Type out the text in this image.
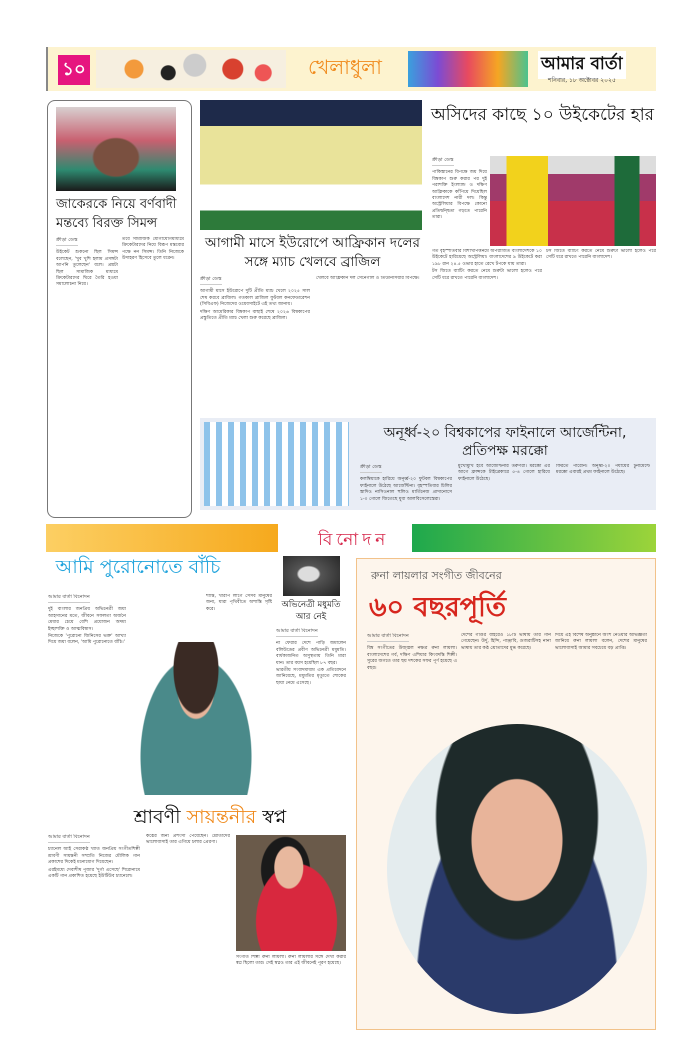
১০	খেলাধুলা	আমার বার্তা
শনিবার, ১৮ অক্টোবর ২০২৫
জাকেরকে নিয়ে বর্ণবাদী মন্তব্যে বিরক্ত সিমন্স
ক্রীড়া ডেস্ক

উইকেট শুকনো ছিল সিমন্স বলেছেন, 'খুব খুশি হলাম প্রসঙ্গটা আপনি তুলেছেন' বলে। প্রশ্নটা ছিল সামাজিক মাধ্যমে ক্রিকেটারদের ঘিরে তৈরি হওয়া সমালোচনা নিয়ে।

তবে সামাজিক যোগাযোগমাধ্যমে ক্রিকেটারদের নিয়ে বিরূপ মন্তব্যের পক্ষে নন সিমন্স। তিনি নিজেকে উদাহরণ হিসেবে তুলে ধরেন।

আগামী মাসে ইউরোপে আফ্রিকান দলের সঙ্গে ম্যাচ খেলবে ব্রাজিল
ক্রীড়া ডেস্ক

আগামী মাসে ইউরোপে দুটি প্রীতি ম্যাচ খেলে ২০২৫ সাল শেষ করবে ব্রাজিল। গতকাল ব্রাজিল ফুটবল কনফেডারেশন (সিবিএফ) নিজেদের ওয়েবসাইটে এই তথ্য জানায়।

দক্ষিণ আমেরিকার বিশ্বকাপ বাছাই শেষে ২০২৬ বিশ্বকাপের প্রস্তুতিতে প্রীতি ম্যাচ খেলা শুরু করেছে ব্রাজিল।

খেলবে আফ্রিকান দল সেনেগাল ও তিউনিসিয়ার বিপক্ষে।

অসিদের কাছে ১০ উইকেটের হার
ক্রীড়া ডেস্ক

পাকিস্তানের বিপক্ষে জয় দিয়ে বিশ্বকাপ শুরু করার পর দুই পরাশক্তি ইংল্যান্ড ও দক্ষিণ আফ্রিকাকে কাঁপিয়ে দিয়েছিল বাংলাদেশ নারী দল। কিন্তু অস্ট্রেলিয়ার বিপক্ষে কোনো প্রতিদ্বন্দ্বিতা গড়তে পারেনি তারা।

গত বৃহস্পতিবার বিশাখাপত্তনমে অপরাজিত বাংলাদেশকে ১০ উইকেটে হারিয়েছে অস্ট্রেলিয়া। বাংলাদেশের ৯ উইকেটে করা ১৯৮ রান ২৪.৫ ওভার হাতে রেখে টপকে যায় তারা।

টস জিতে ব্যাটিং করতে নেমে শুরুটা ভালো হলেও পরে সেটি ধরে রাখতে পারেনি বাংলাদেশ।

টস জিতে ব্যাটিং করতে নেমে শুরুটা ভালো হলেও পরে সেটি ধরে রাখতে পারেনি বাংলাদেশ।

অনূর্ধ্ব-২০ বিশ্বকাপের ফাইনালে আর্জেন্টিনা, প্রতিপক্ষ মরক্কো
ক্রীড়া ডেস্ক

কলম্বিয়াকে হারিয়ে অনূর্ধ্ব-২০ ফুটবল বিশ্বকাপের ফাইনালে উঠেছে আর্জেন্টিনা। বৃহস্পতিবার চিলির স্তাদিও নাসিওনাল হুলিও মার্তিনেজ প্রাদানোসে ১-০ গোলে জিতেছে যুবা আলবিসেলেস্তেরা।

মুখোমুখি হবে আর্জেন্টিনার তরুণরা। মরক্কো এর আগে ফ্রান্সকে টাইব্রেকারে ৫-৪ গোলে হারিয়ে ফাইনালে উঠেছে।

ফিরতে পারেনি। অনূর্ধ্ব-২০ পর্যায়ের টুর্নামেন্টে মরক্কো এবারই প্রথম ফাইনালে উঠেছে।

বিনোদন
আমি পুরোনোতে বাঁচি
আমার বার্তা বিনোদন

দুই বাংলার জনপ্রিয় অভিনেত্রী জয়া আহসানের মতে, জীবনে সফলতা অর্জনে মেধার চেয়ে বেশি প্রয়োজন অদম্য ইচ্ছাশক্তি ও আত্মবিশ্বাস।

নিজেকে 'পুরোনো জিনিসের ভক্ত' আখ্যা দিয়ে জয়া বলেন, 'আমি পুরোনোতে বাঁচি।'

শান্তি, খারাপ লাগে সেসব মানুষের জন্য, যারা পৃথিবীতে অশান্তি সৃষ্টি করে।	অভিনেত্রী মধুমতি আর নেই
আমার বার্তা বিনোদন

না ফেরার দেশে পাড়ি জমালেন বলিউডের প্রবীণ অভিনেত্রী মধুমতি। বার্ধক্যজনিত অসুস্থতায় তিনি মারা যান। তার বয়স হয়েছিল ৮৭ বছর।

ভারতীয় সংবাদমাধ্যম এক প্রতিবেদনে জানিয়েছে, মধুমতির মৃত্যুতে শোকের ছায়া নেমে এসেছে।

রুনা লায়লার সংগীত জীবনের
৬০ বছরপূর্তি
আমার বার্তা বিনোদন

বিশ্ব সংগীতের উজ্জ্বল নক্ষত্র রুনা লায়লা। বাংলাদেশের গর্ব, দক্ষিণ এশিয়ার কিংবদন্তি শিল্পী। সুরের জগতে তার ছয় দশকের সফর পূর্ণ হয়েছে এ বছর।

দেশের গণ্ডির বাইরেও ১৮টি ভাষায় তার গান গেয়েছেন। উর্দু, হিন্দি, পাঞ্জাবি, গুজরাটিসহ নানা ভাষায় তার কণ্ঠ শ্রোতাদের মুগ্ধ করেছে।

দিয়ে এই বিশেষ অনুষ্ঠানে অংশ নেওয়ার অভিজ্ঞতা জানিয়ে রুনা লায়লা বলেন, দেশের মানুষের ভালোবাসাই আমার সবচেয়ে বড় প্রাপ্তি।

শ্রাবণী সায়ন্তনীর স্বপ্ন
আমার বার্তা বিনোদন

চ্যানেল আই সেরাকণ্ঠ খ্যাত জনপ্রিয় সংগীতশিল্পী শ্রাবণী সায়ন্তনী সম্প্রতি নিজের মৌলিক গান প্রকাশের দিকেই মনোযোগ দিয়েছেন।

এরইমধ্যে দেবাশীষ পূজার 'দুর্গা এসেছে' শিরোনামে একটি গান প্রকাশিত হয়েছে ইউটিউব চ্যানেলে।

কণ্ঠের জন্য প্রশংসা পেয়েছেন। শ্রোতাদের ভালোবাসাই তার এগিয়ে চলার প্রেরণা।

সংগীত শিল্পী রুনা লায়লা। রুনা লায়লার সঙ্গে দেখা করার স্বপ্ন ছিলো তার। সেই স্বপ্নও তার এই জীবনেই পূরণ হয়েছে।
